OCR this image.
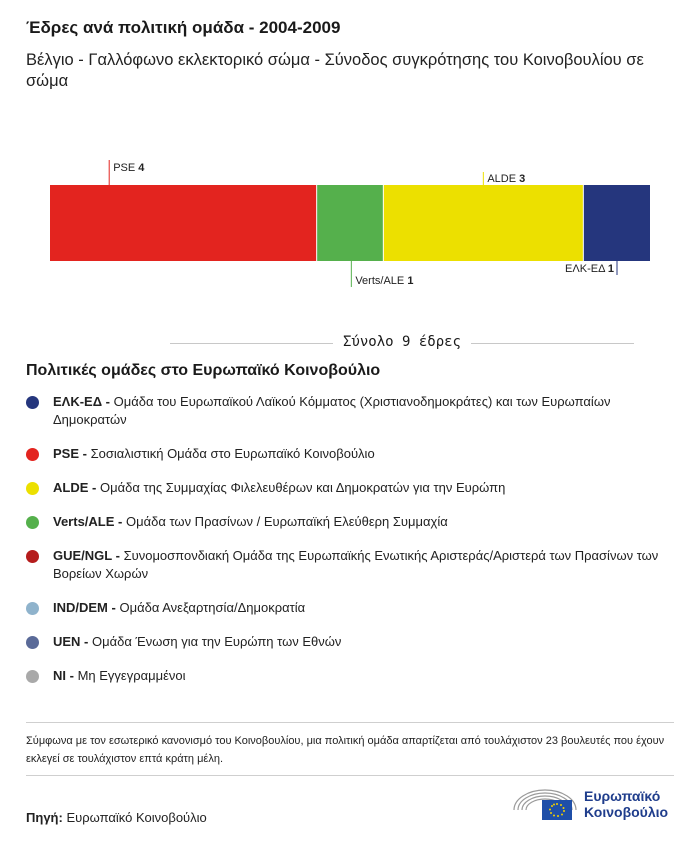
Έδρες ανά πολιτική ομάδα - 2004-2009
Βέλγιο - Γαλλόφωνο εκλεκτορικό σώμα - Σύνοδος συγκρότησης του Κοινοβουλίου σε σώμα
PSE 4
Verts/ALE 1
ALDE 3
ΕΛΚ-ΕΔ 1
Σύνολο 9 έδρες
Πολιτικές ομάδες στο Ευρωπαϊκό Κοινοβούλιο
ΕΛΚ-ΕΔ - Ομάδα του Ευρωπαϊκού Λαϊκού Κόμματος (Χριστιανοδημοκράτες) και των Ευρωπαίων Δημοκρατών
PSE - Σοσιαλιστική Ομάδα στο Ευρωπαϊκό Κοινοβούλιο
ALDE - Ομάδα της Συμμαχίας Φιλελευθέρων και Δημοκρατών για την Ευρώπη
Verts/ALE - Ομάδα των Πρασίνων / Ευρωπαϊκή Ελεύθερη Συμμαχία
GUE/NGL - Συνομοσπονδιακή Ομάδα της Ευρωπαϊκής Ενωτικής Αριστεράς/Αριστερά των Πρασίνων των Βορείων Χωρών
IND/DEM - Ομάδα Ανεξαρτησία/Δημοκρατία
UEN - Ομάδα Ένωση για την Ευρώπη των Εθνών
NI - Μη Εγγεγραμμένοι
Σύμφωνα με τον εσωτερικό κανονισμό του Κοινοβουλίου, μια πολιτική ομάδα απαρτίζεται από τουλάχιστον 23 βουλευτές που έχουν εκλεγεί σε τουλάχιστον επτά κράτη μέλη.
Πηγή: Ευρωπαϊκό Κοινοβούλιο
Ευρωπαϊκό
Κοινοβούλιο
